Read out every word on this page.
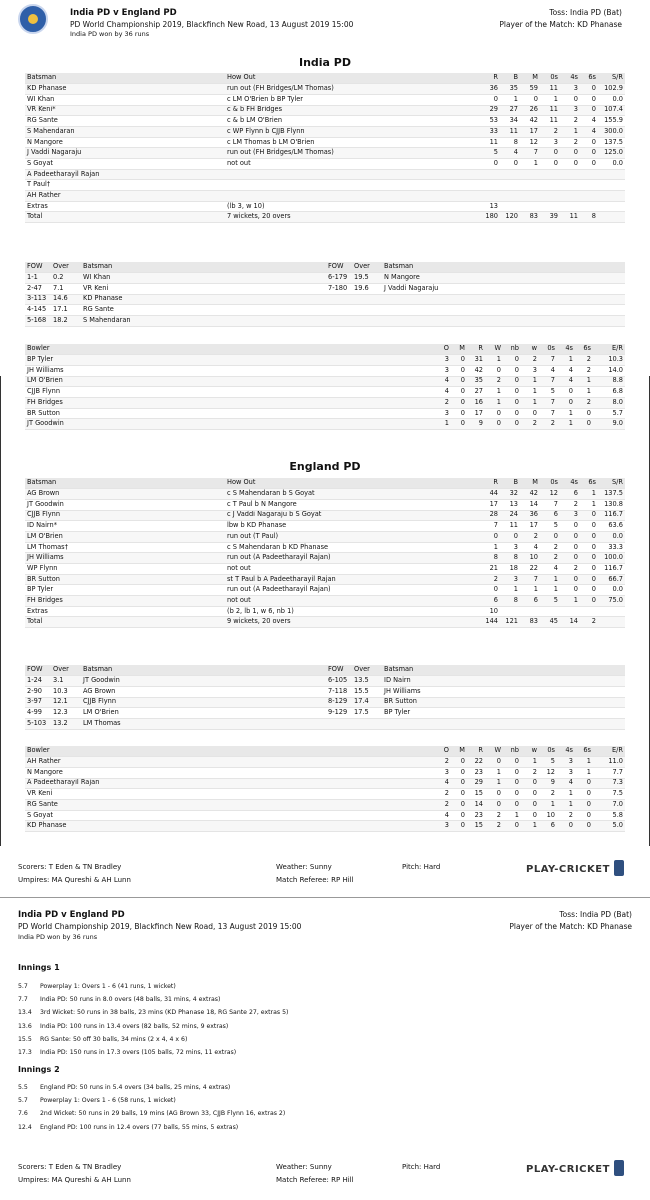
India PD v England PD
PD World Championship 2019, Blackfinch New Road, 13 August 2019 15:00
India PD won by 36 runs
Toss: India PD (Bat)
Player of the Match: KD Phanase
India PD
Batsman	How Out	R	B	M	0s	4s	6s	S/R
KD Phanase	run out (FH Bridges/LM Thomas)	36	35	59	11	3	0	102.9
WI Khan	c LM O'Brien b BP Tyler	0	1	0	1	0	0	0.0
VR Keni*	c & b FH Bridges	29	27	26	11	3	0	107.4
RG Sante	c & b LM O'Brien	53	34	42	11	2	4	155.9
S Mahendaran	c WP Flynn b CJJB Flynn	33	11	17	2	1	4	300.0
N Mangore	c LM Thomas b LM O'Brien	11	8	12	3	2	0	137.5
J Vaddi Nagaraju	run out (FH Bridges/LM Thomas)	5	4	7	0	0	0	125.0
S Goyat	not out	0	0	1	0	0	0	0.0
A Padeetharayil Rajan								
T Paul†								
AH Rather								
Extras	(lb 3, w 10)	13						
Total	7 wickets, 20 overs	180	120	83	39	11	8	
FOW	Over	Batsman	FOW	Over	Batsman
1-1	0.2	WI Khan	6-179	19.5	N Mangore
2-47	7.1	VR Keni	7-180	19.6	J Vaddi Nagaraju
3-113	14.6	KD Phanase			
4-145	17.1	RG Sante			
5-168	18.2	S Mahendaran			
Bowler	O	M	R	W	nb	w	0s	4s	6s	E/R
BP Tyler	3	0	31	1	0	2	7	1	2	10.3
JH Williams	3	0	42	0	0	3	4	4	2	14.0
LM O'Brien	4	0	35	2	0	1	7	4	1	8.8
CJJB Flynn	4	0	27	1	0	1	5	0	1	6.8
FH Bridges	2	0	16	1	0	1	7	0	2	8.0
BR Sutton	3	0	17	0	0	0	7	1	0	5.7
JT Goodwin	1	0	9	0	0	2	2	1	0	9.0
England PD
Batsman	How Out	R	B	M	0s	4s	6s	S/R
AG Brown	c S Mahendaran b S Goyat	44	32	42	12	6	1	137.5
JT Goodwin	c T Paul b N Mangore	17	13	14	7	2	1	130.8
CJJB Flynn	c J Vaddi Nagaraju b S Goyat	28	24	36	6	3	0	116.7
ID Nairn*	lbw b KD Phanase	7	11	17	5	0	0	63.6
LM O'Brien	run out (T Paul)	0	0	2	0	0	0	0.0
LM Thomas†	c S Mahendaran b KD Phanase	1	3	4	2	0	0	33.3
JH Williams	run out (A Padeetharayil Rajan)	8	8	10	2	0	0	100.0
WP Flynn	not out	21	18	22	4	2	0	116.7
BR Sutton	st T Paul b A Padeetharayil Rajan	2	3	7	1	0	0	66.7
BP Tyler	run out (A Padeetharayil Rajan)	0	1	1	1	0	0	0.0
FH Bridges	not out	6	8	6	5	1	0	75.0
Extras	(b 2, lb 1, w 6, nb 1)	10						
Total	9 wickets, 20 overs	144	121	83	45	14	2	
FOW	Over	Batsman	FOW	Over	Batsman
1-24	3.1	JT Goodwin	6-105	13.5	ID Nairn
2-90	10.3	AG Brown	7-118	15.5	JH Williams
3-97	12.1	CJJB Flynn	8-129	17.4	BR Sutton
4-99	12.3	LM O'Brien	9-129	17.5	BP Tyler
5-103	13.2	LM Thomas			
Bowler	O	M	R	W	nb	w	0s	4s	6s	E/R
AH Rather	2	0	22	0	0	1	5	3	1	11.0
N Mangore	3	0	23	1	0	2	12	3	1	7.7
A Padeetharayil Rajan	4	0	29	1	0	0	9	4	0	7.3
VR Keni	2	0	15	0	0	0	2	1	0	7.5
RG Sante	2	0	14	0	0	0	1	1	0	7.0
S Goyat	4	0	23	2	1	0	10	2	0	5.8
KD Phanase	3	0	15	2	0	1	6	0	0	5.0
Scorers: T Eden & TN Bradley
Umpires: MA Qureshi & AH Lunn
Weather: Sunny
Match Referee: RP Hill
Pitch: Hard	PLAY-CRICKET
India PD v England PD
PD World Championship 2019, Blackfinch New Road, 13 August 2019 15:00
India PD won by 36 runs
Toss: India PD (Bat)
Player of the Match: KD Phanase
Innings 1
5.7 Powerplay 1: Overs 1 - 6 (41 runs, 1 wicket)
7.7 India PD: 50 runs in 8.0 overs (48 balls, 31 mins, 4 extras)
13.4 3rd Wicket: 50 runs in 38 balls, 23 mins (KD Phanase 18, RG Sante 27, extras 5)
13.6 India PD: 100 runs in 13.4 overs (82 balls, 52 mins, 9 extras)
15.5 RG Sante: 50 off 30 balls, 34 mins (2 x 4, 4 x 6)
17.3 India PD: 150 runs in 17.3 overs (105 balls, 72 mins, 11 extras)
Innings 2
5.5 England PD: 50 runs in 5.4 overs (34 balls, 25 mins, 4 extras)
5.7 Powerplay 1: Overs 1 - 6 (58 runs, 1 wicket)
7.6 2nd Wicket: 50 runs in 29 balls, 19 mins (AG Brown 33, CJJB Flynn 16, extras 2)
12.4 England PD: 100 runs in 12.4 overs (77 balls, 55 mins, 5 extras)
Scorers: T Eden & TN Bradley
Umpires: MA Qureshi & AH Lunn
Weather: Sunny
Match Referee: RP Hill
Pitch: Hard	PLAY-CRICKET
